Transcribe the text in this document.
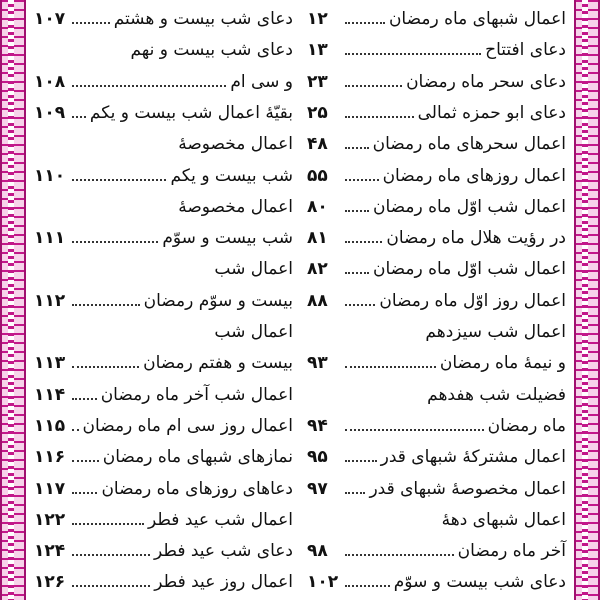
اعمال شبهای ماه رمضان
۱۲
دعای افتتاح
۱۳
دعای سحر ماه رمضان
۲۳
دعای ابو حمزه ثمالی
۲۵
اعمال سحرهای ماه رمضان
۴۸
اعمال روزهای ماه رمضان
۵۵
اعمال شب اوّل ماه رمضان
۸۰
در رؤیت هلال ماه رمضان
۸۱
اعمال شب اوّل ماه رمضان
۸۲
اعمال روز اوّل ماه رمضان
۸۸
اعمال شب سیزدهم
و نیمهٔ ماه رمضان
۹۳
فضیلت شب هفدهم
ماه رمضان
۹۴
اعمال مشترکهٔ شبهای قدر
۹۵
اعمال مخصوصهٔ شبهای قدر
۹۷
اعمال شبهای دههٔ
آخر ماه رمضان
۹۸
دعای شب بیست و سوّم
۱۰۲
دعای شب بیست و هشتم
۱۰۷
دعای شب بیست و نهم
و سی ام
۱۰۸
بقیّهٔ اعمال شب بیست و یکم
۱۰۹
اعمال مخصوصهٔ
شب بیست و یکم
۱۱۰
اعمال مخصوصهٔ
شب بیست و سوّم
۱۱۱
اعمال شب
بیست و سوّم رمضان
۱۱۲
اعمال شب
بیست و هفتم رمضان
۱۱۳
اعمال شب آخر ماه رمضان
۱۱۴
اعمال روز سی ام ماه رمضان
۱۱۵
نمازهای شبهای ماه رمضان
۱۱۶
دعاهای روزهای ماه رمضان
۱۱۷
اعمال شب عید فطر
۱۲۲
دعای شب عید فطر
۱۲۴
اعمال روز عید فطر
۱۲۶
